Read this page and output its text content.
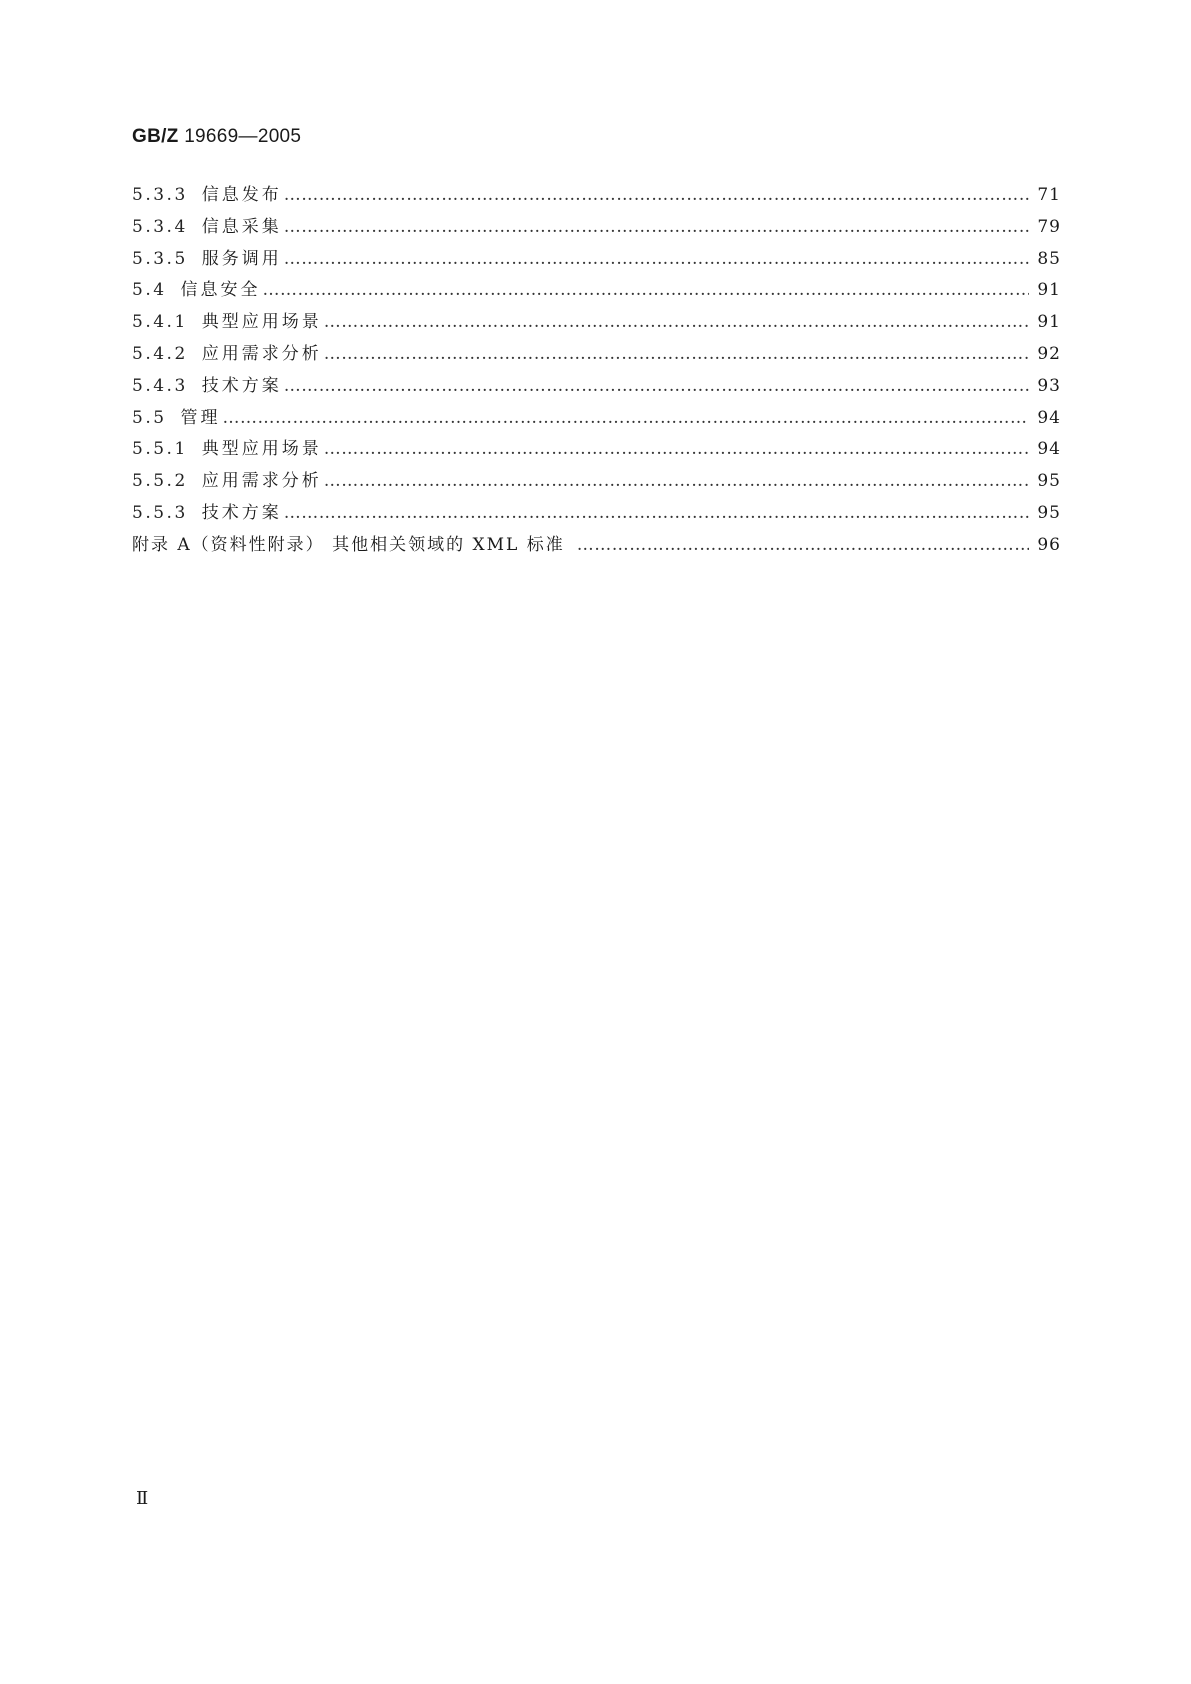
GB/Z 19669—2005
5.3.3 信息发布 ……………………………………………………………………………………………………………………………………………………………………………………………………………………………………	71
5.3.4 信息采集 ……………………………………………………………………………………………………………………………………………………………………………………………………………………………………	79
5.3.5 服务调用 ……………………………………………………………………………………………………………………………………………………………………………………………………………………………………	85
5.4 信息安全 ……………………………………………………………………………………………………………………………………………………………………………………………………………………………………	91
5.4.1 典型应用场景 ……………………………………………………………………………………………………………………………………………………………………………………………………………………………………	91
5.4.2 应用需求分析 ……………………………………………………………………………………………………………………………………………………………………………………………………………………………………	92
5.4.3 技术方案 ……………………………………………………………………………………………………………………………………………………………………………………………………………………………………	93
5.5 管理 ……………………………………………………………………………………………………………………………………………………………………………………………………………………………………	94
5.5.1 典型应用场景 ……………………………………………………………………………………………………………………………………………………………………………………………………………………………………	94
5.5.2 应用需求分析 ……………………………………………………………………………………………………………………………………………………………………………………………………………………………………	95
5.5.3 技术方案 ……………………………………………………………………………………………………………………………………………………………………………………………………………………………………	95
附录 A（资料性附录） 其他相关领域的 XML 标准 ……………………………………………………………………………………………………………………………………………………………………………………………………………………………………	96
Ⅱ
